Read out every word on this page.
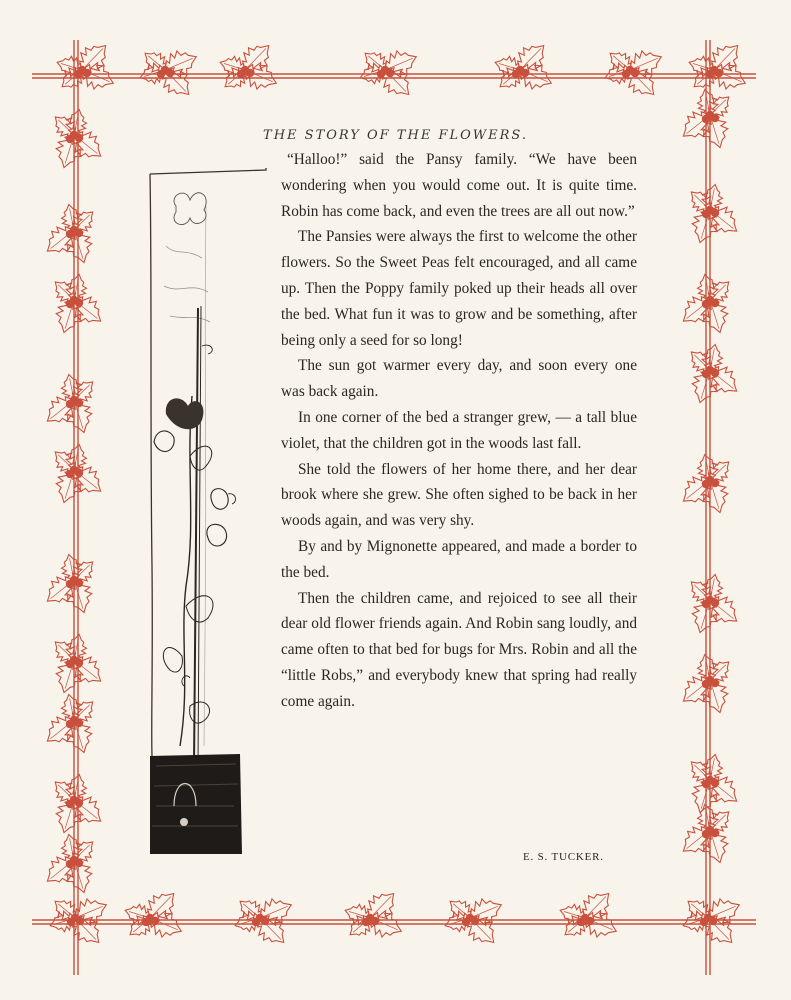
THE STORY OF THE FLOWERS.

“Halloo!” said the Pansy family. “We have been wondering when you would come out. It is quite time. Robin has come back, and even the trees are all out now.”

The Pansies were always the first to welcome the other flowers. So the Sweet Peas felt encouraged, and all came up. Then the Poppy family poked up their heads all over the bed. What fun it was to grow and be something, after being only a seed for so long!

The sun got warmer every day, and soon every one was back again.

In one corner of the bed a stranger grew, — a tall blue violet, that the children got in the woods last fall.

She told the flowers of her home there, and her dear brook where she grew. She often sighed to be back in her woods again, and was very shy.

By and by Mignonette appeared, and made a border to the bed.

Then the children came, and rejoiced to see all their dear old flower friends again. And Robin sang loudly, and came often to that bed for bugs for Mrs. Robin and all the “little Robs,” and everybody knew that spring had really come again.

E. S. TUCKER.
